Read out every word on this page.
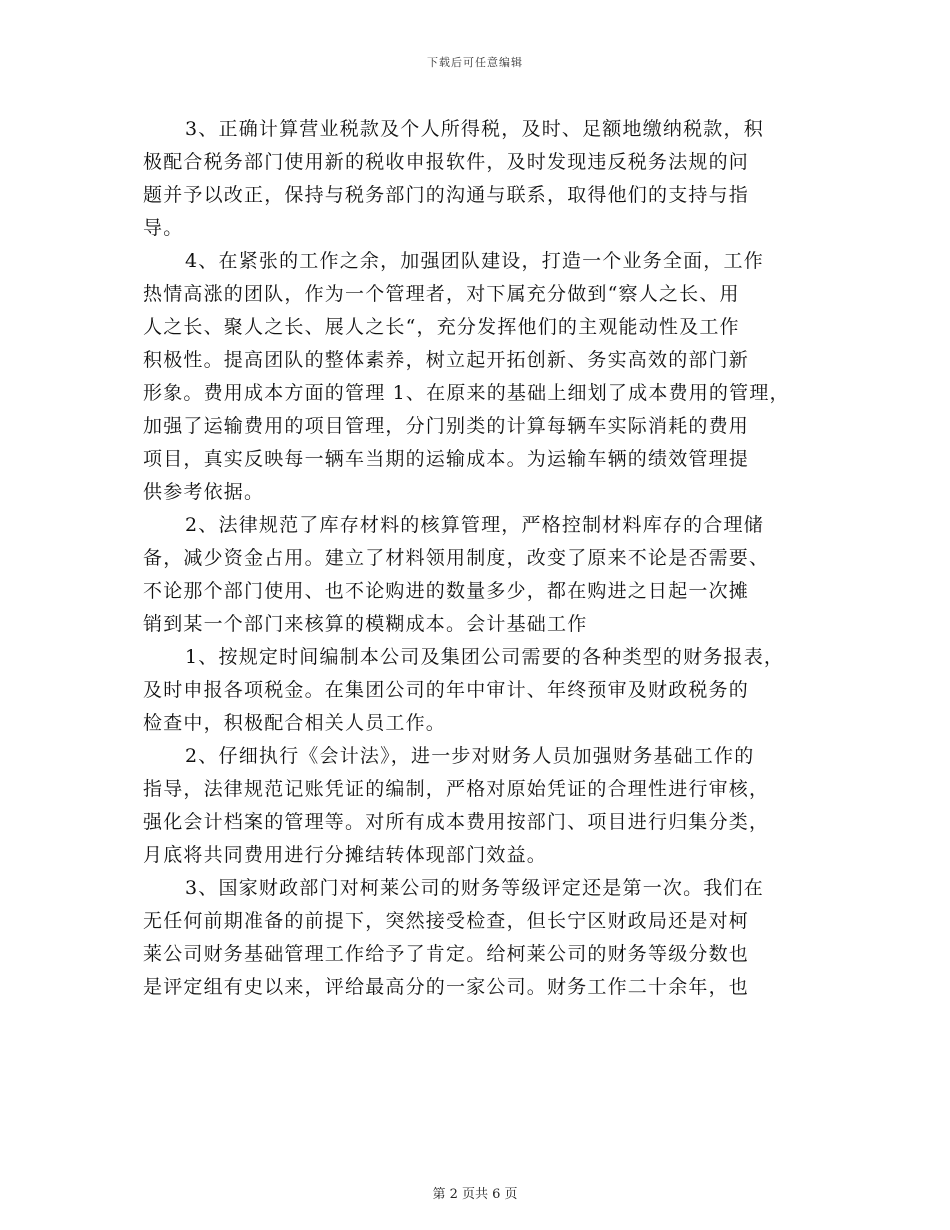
下载后可任意编辑
3、正确计算营业税款及个人所得税，及时、足额地缴纳税款，积
极配合税务部门使用新的税收申报软件，及时发现违反税务法规的问
题并予以改正，保持与税务部门的沟通与联系，取得他们的支持与指
导。
4、在紧张的工作之余，加强团队建设，打造一个业务全面，工作
热情高涨的团队，作为一个管理者，对下属充分做到“察人之长、用
人之长、聚人之长、展人之长“，充分发挥他们的主观能动性及工作
积极性。提高团队的整体素养，树立起开拓创新、务实高效的部门新
形象。费用成本方面的管理 1、在原来的基础上细划了成本费用的管理，
加强了运输费用的项目管理，分门别类的计算每辆车实际消耗的费用
项目，真实反映每一辆车当期的运输成本。为运输车辆的绩效管理提
供参考依据。
2、法律规范了库存材料的核算管理，严格控制材料库存的合理储
备，减少资金占用。建立了材料领用制度，改变了原来不论是否需要、
不论那个部门使用、也不论购进的数量多少，都在购进之日起一次摊
销到某一个部门来核算的模糊成本。会计基础工作
1、按规定时间编制本公司及集团公司需要的各种类型的财务报表，
及时申报各项税金。在集团公司的年中审计、年终预审及财政税务的
检查中，积极配合相关人员工作。
2、仔细执行《会计法》，进一步对财务人员加强财务基础工作的
指导，法律规范记账凭证的编制，严格对原始凭证的合理性进行审核，
强化会计档案的管理等。对所有成本费用按部门、项目进行归集分类，
月底将共同费用进行分摊结转体现部门效益。
3、国家财政部门对柯莱公司的财务等级评定还是第一次。我们在
无任何前期准备的前提下，突然接受检查，但长宁区财政局还是对柯
莱公司财务基础管理工作给予了肯定。给柯莱公司的财务等级分数也
是评定组有史以来，评给最高分的一家公司。财务工作二十余年，也
第 2 页共 6 页
